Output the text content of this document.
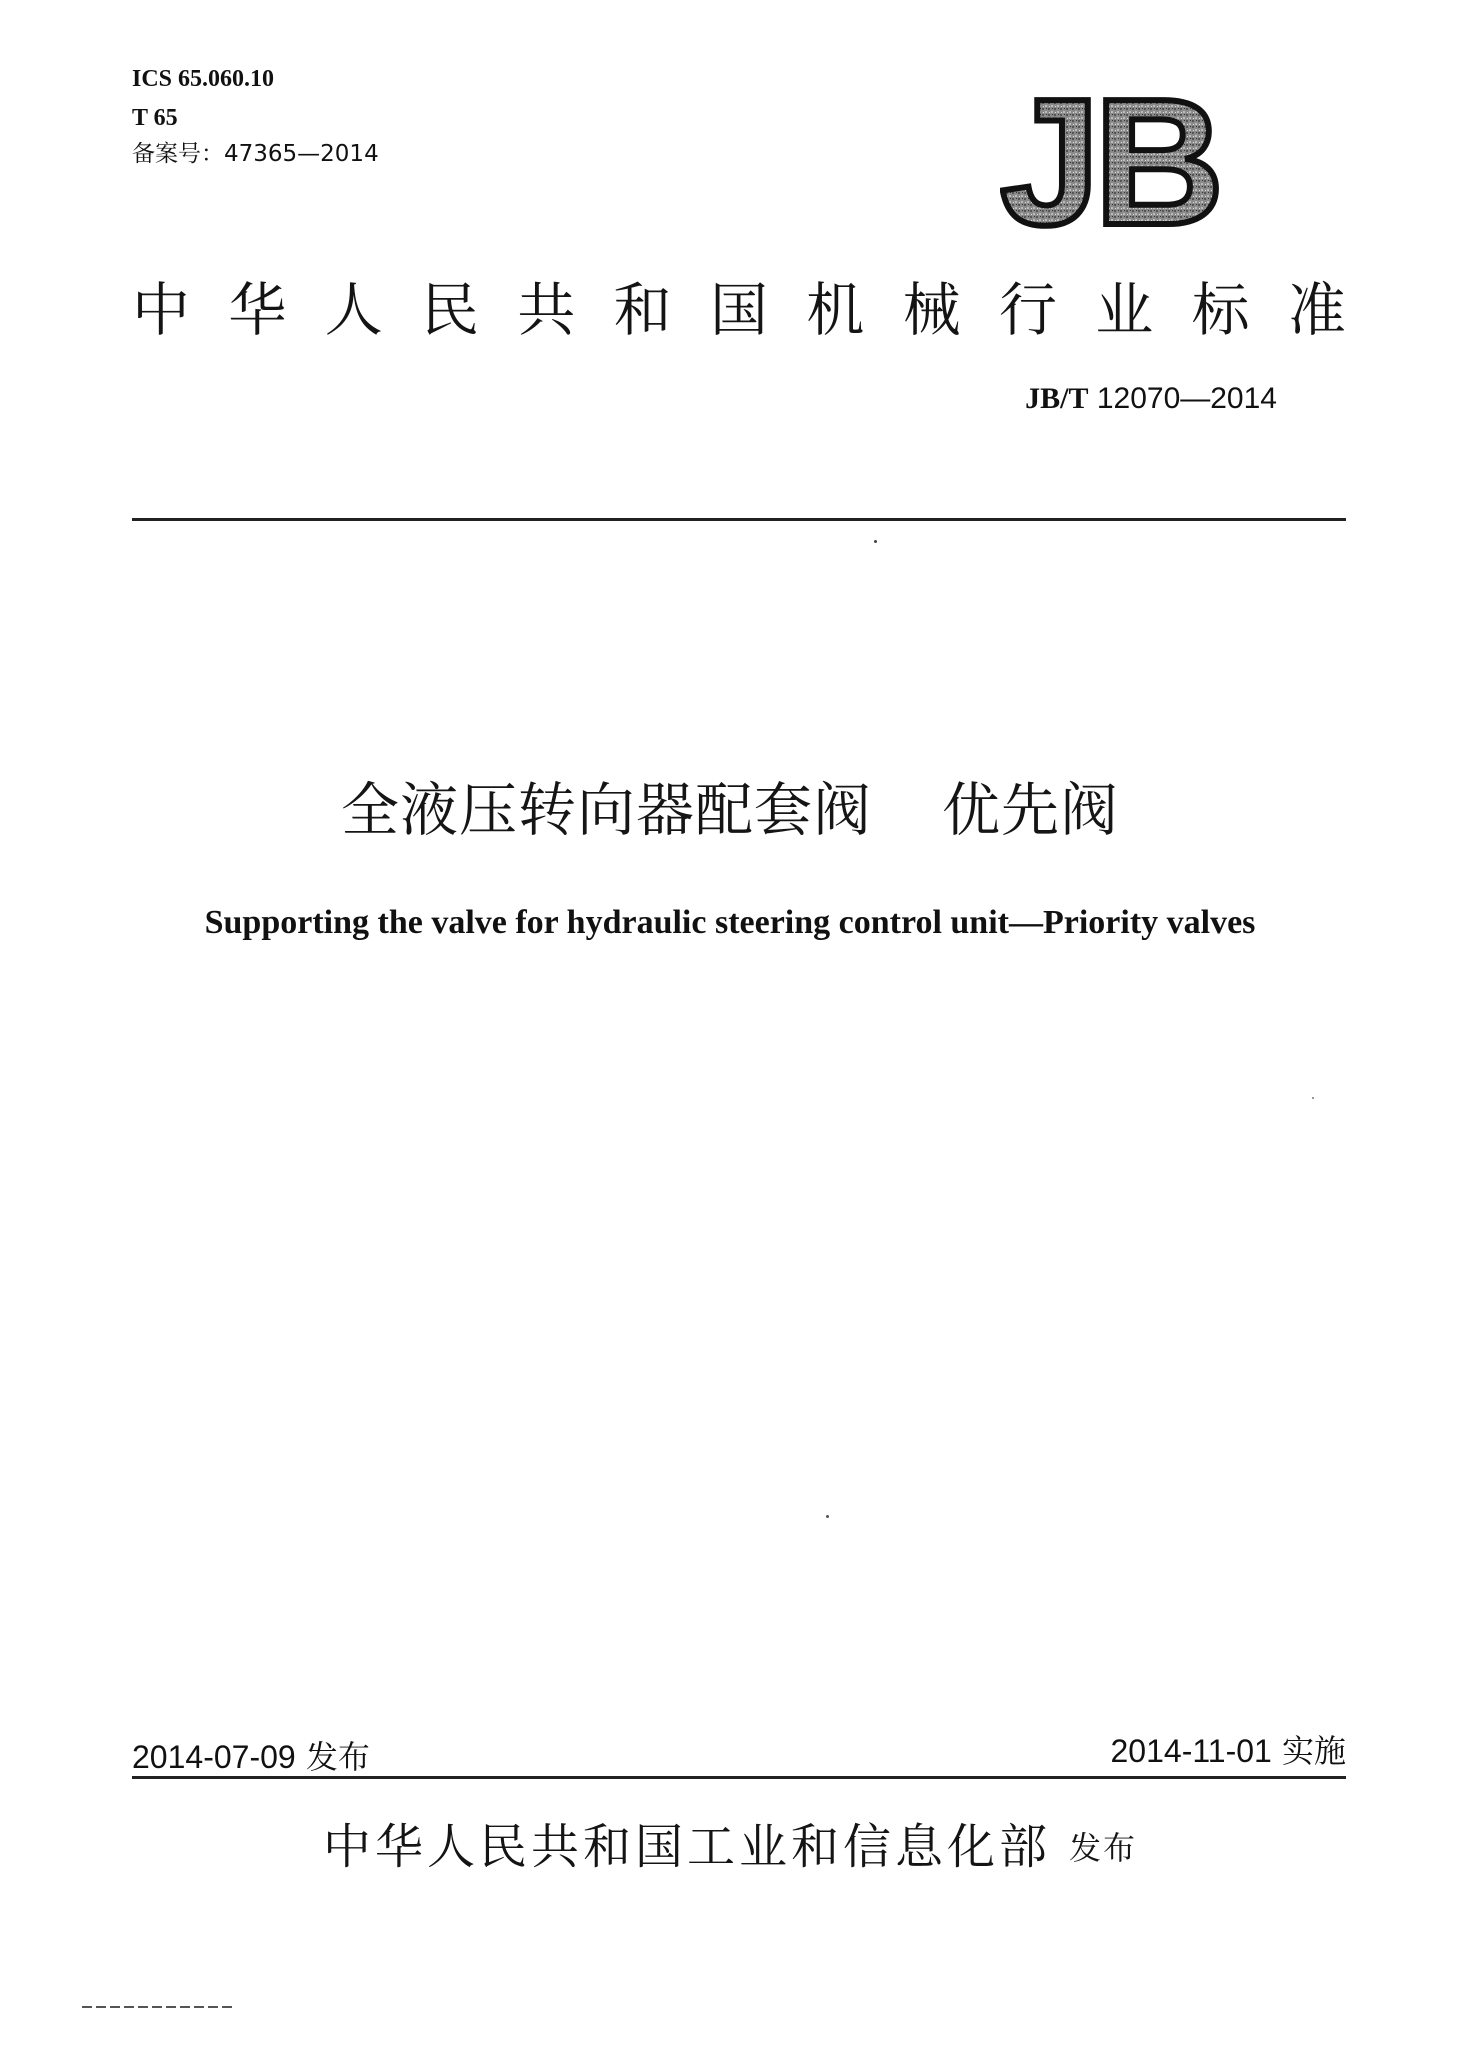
ICS 65.060.10
T 65
备案号：47365—2014	JB
中 华 人 民 共 和 国 机 械 行 业 标 准
JB/T 12070—2014
全液压转向器配套阀 优先阀
Supporting the valve for hydraulic steering control unit—Priority valves
2014-07-09 发布	2014-11-01 实施
中华人民共和国工业和信息化部 发布
